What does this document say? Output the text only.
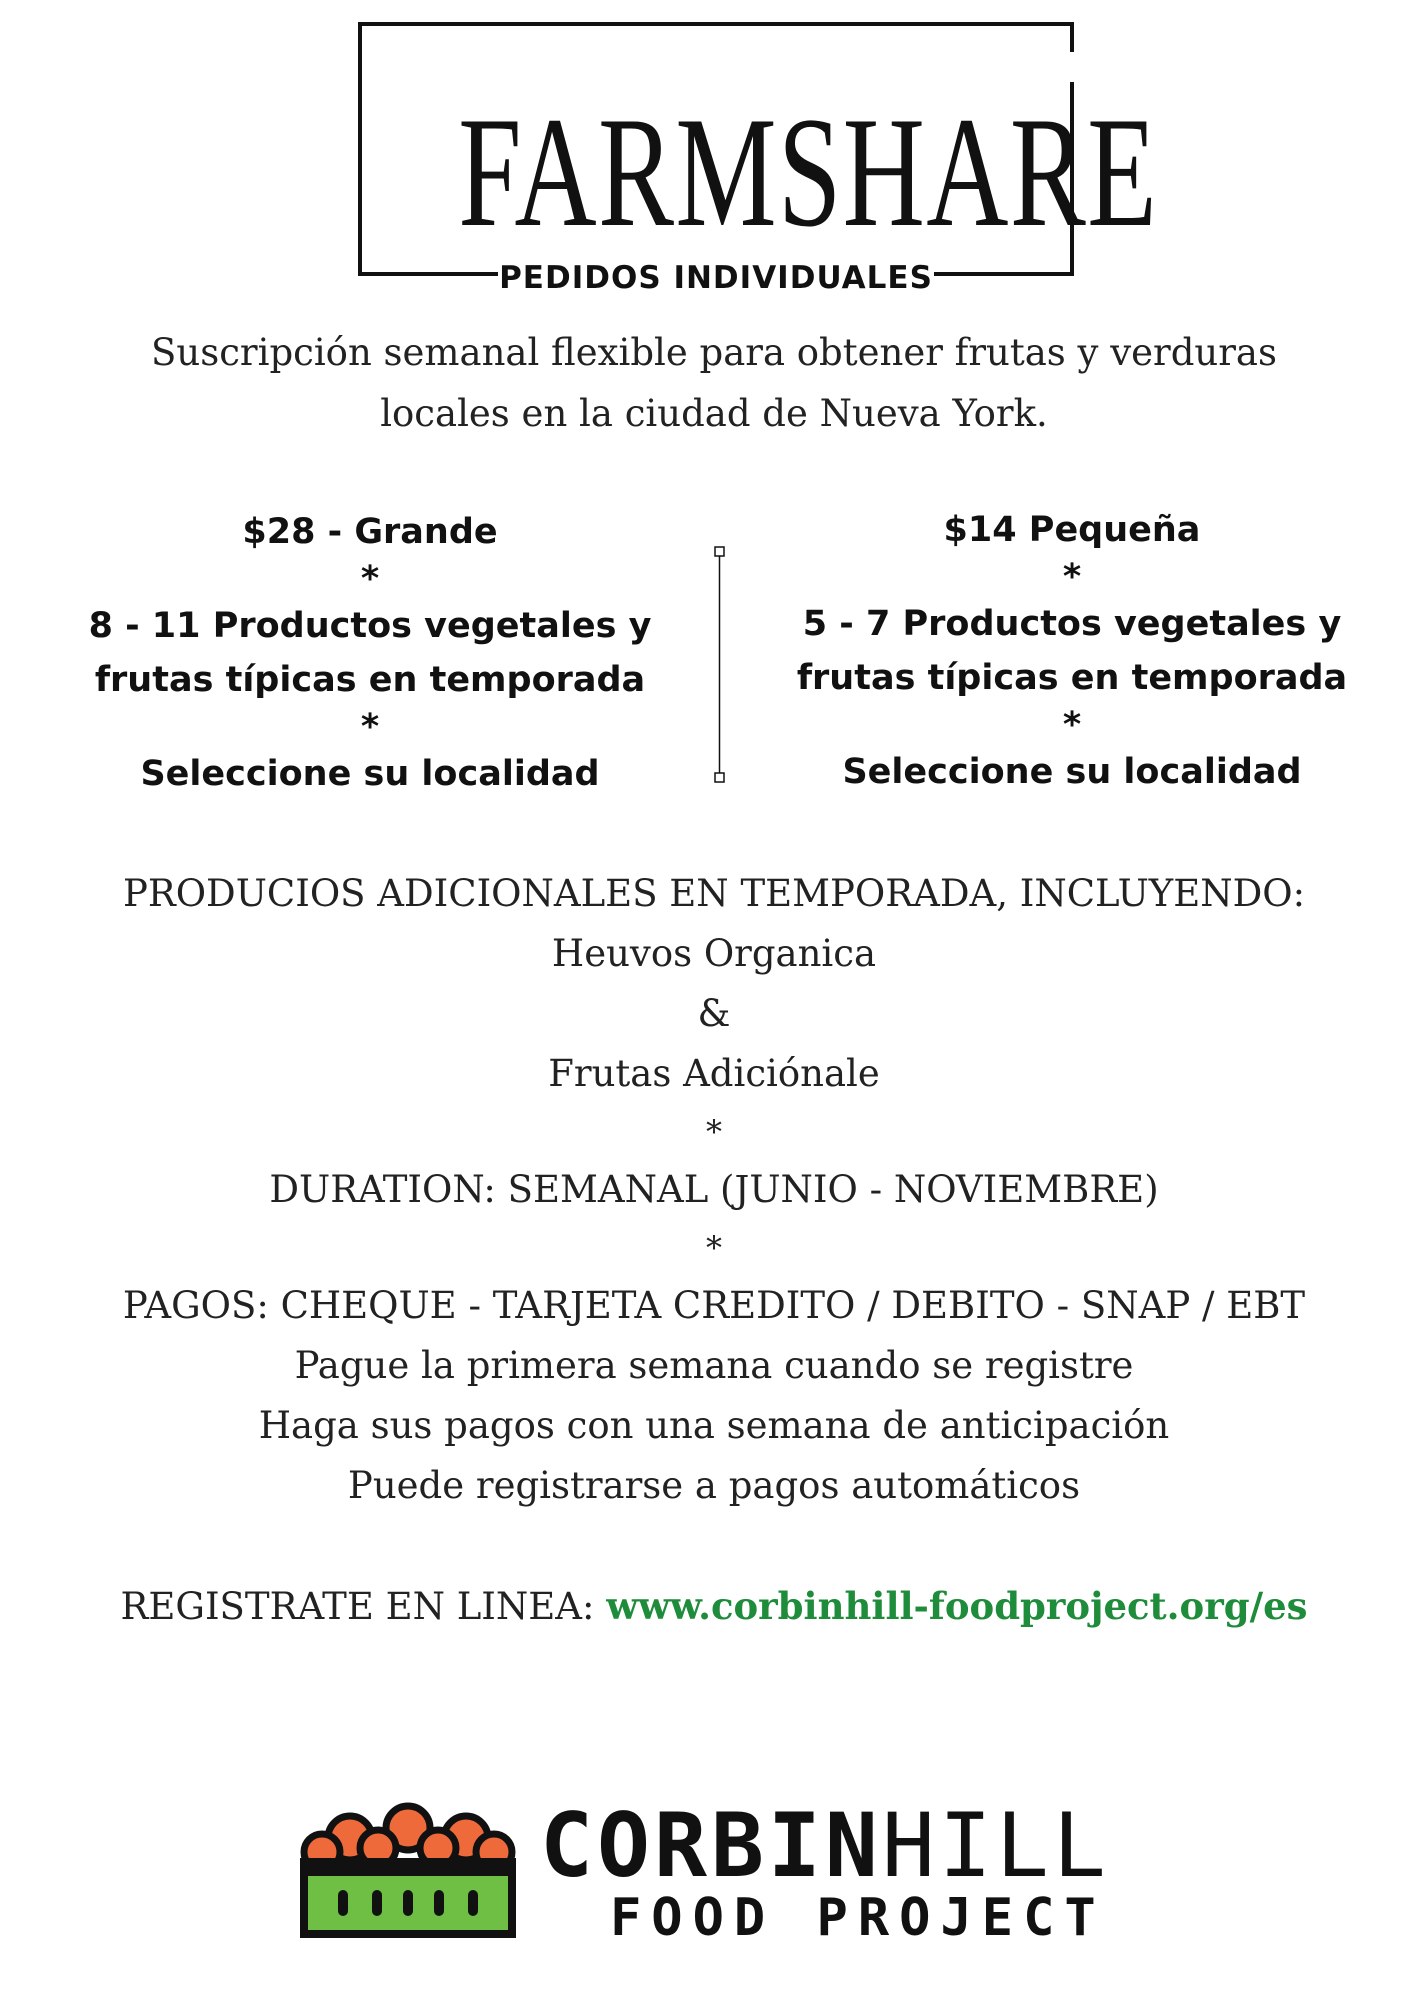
FARMSHARE
PEDIDOS INDIVIDUALES
Suscripción semanal flexible para obtener frutas y verduras
locales en la ciudad de Nueva York.
$28 - Grande
*
8 - 11 Productos vegetales y
frutas típicas en temporada
*
Seleccione su localidad
$14 Pequeña
*
5 - 7 Productos vegetales y
frutas típicas en temporada
*
Seleccione su localidad
PRODUCIOS ADICIONALES EN TEMPORADA, INCLUYENDO:
Heuvos Organica
&
Frutas Adiciónale
*
DURATION: SEMANAL (JUNIO - NOVIEMBRE)
*
PAGOS: CHEQUE - TARJETA CREDITO / DEBITO - SNAP / EBT
Pague la primera semana cuando se registre
Haga sus pagos con una semana de anticipación
Puede registrarse a pagos automáticos
REGISTRATE EN LINEA: www.corbinhill-foodproject.org/es
CORBINHILL
FOOD PROJECT
